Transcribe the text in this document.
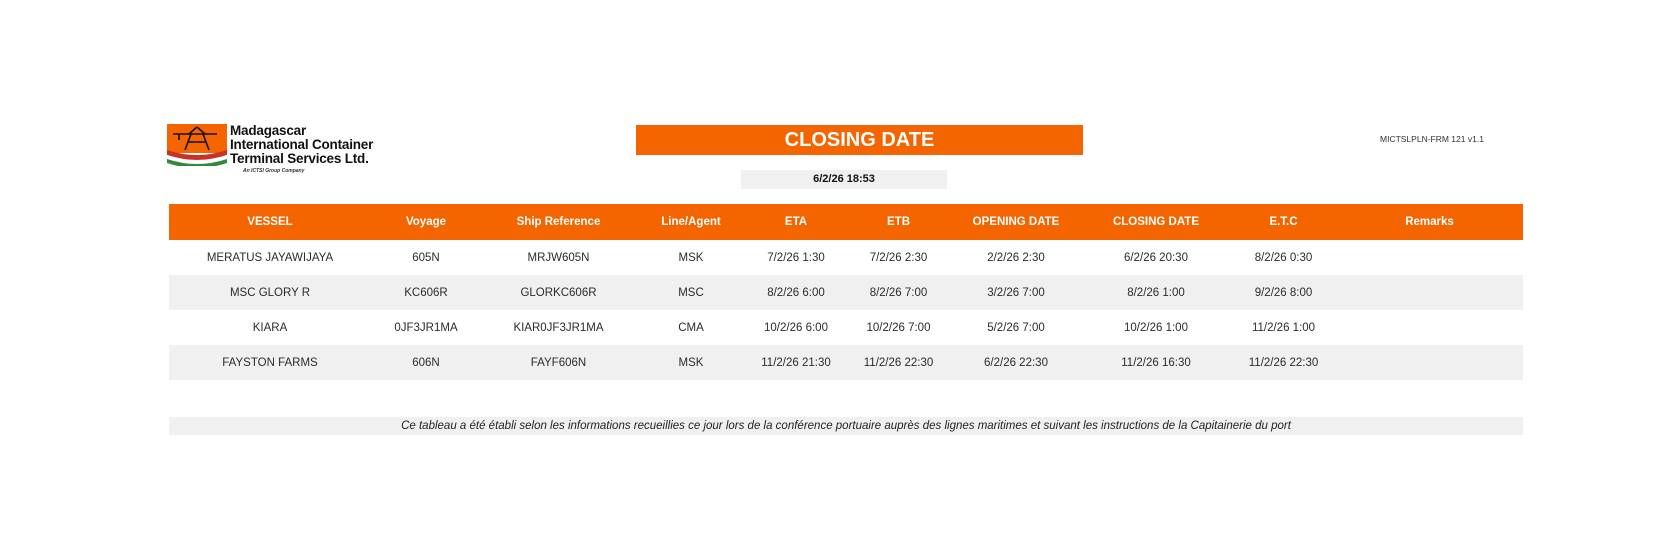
Madagascar
International Container
Terminal Services Ltd.
An ICTSI Group Company
CLOSING DATE	MICTSLPLN-FRM 121 v1.1
6/2/26 18:53
VESSEL	Voyage	Ship Reference	Line/Agent	ETA	ETB	OPENING DATE	CLOSING DATE	E.T.C	Remarks
MERATUS JAYAWIJAYA	605N	MRJW605N	MSK	7/2/26 1:30	7/2/26 2:30	2/2/26 2:30	6/2/26 20:30	8/2/26 0:30	
MSC GLORY R	KC606R	GLORKC606R	MSC	8/2/26 6:00	8/2/26 7:00	3/2/26 7:00	8/2/26 1:00	9/2/26 8:00	
KIARA	0JF3JR1MA	KIAR0JF3JR1MA	CMA	10/2/26 6:00	10/2/26 7:00	5/2/26 7:00	10/2/26 1:00	11/2/26 1:00	
FAYSTON FARMS	606N	FAYF606N	MSK	11/2/26 21:30	11/2/26 22:30	6/2/26 22:30	11/2/26 16:30	11/2/26 22:30	
Ce tableau a été établi selon les informations recueillies ce jour lors de la conférence portuaire auprès des lignes maritimes et suivant les instructions de la Capitainerie du port
